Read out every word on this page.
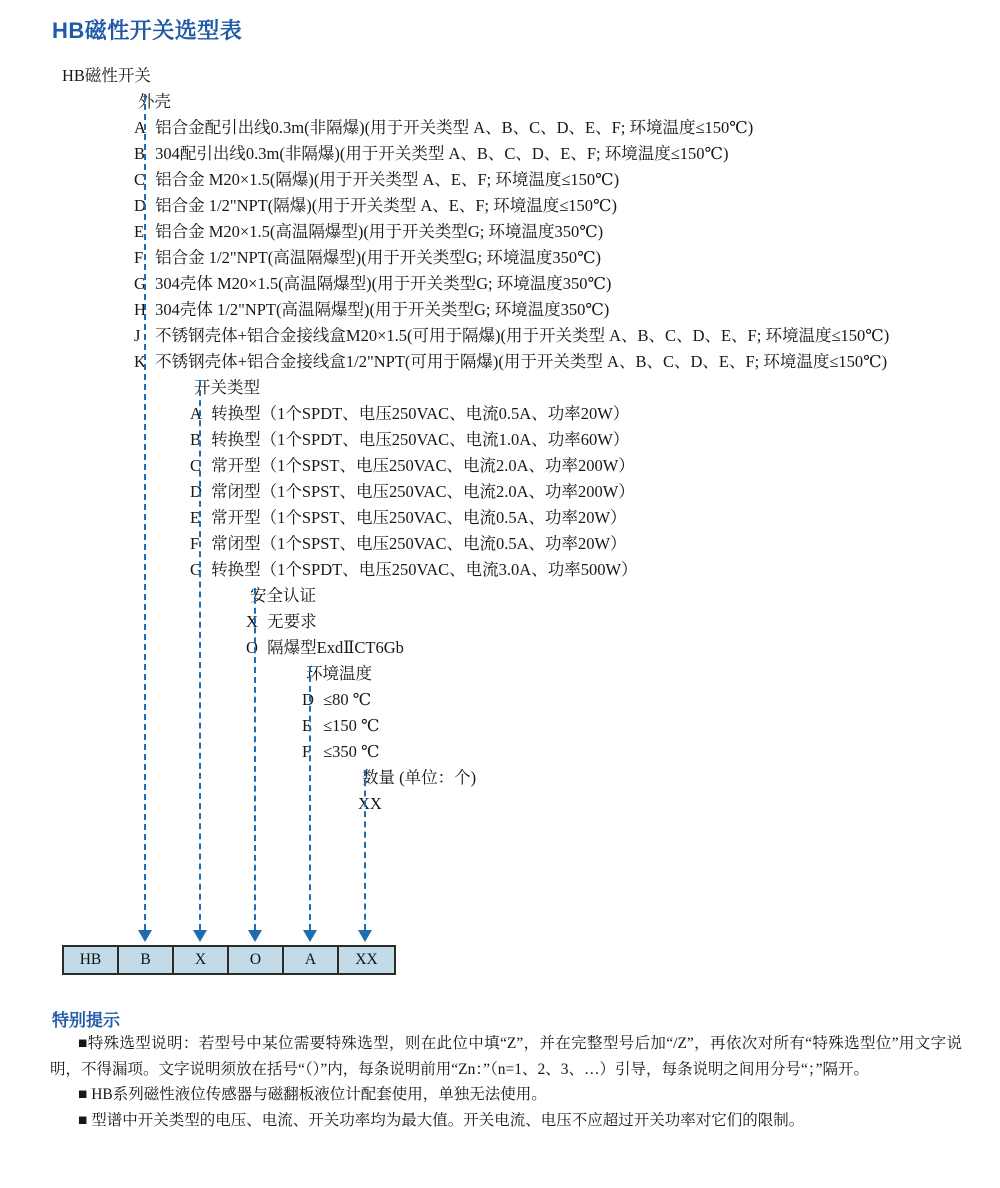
HB磁性开关选型表
HB磁性开关
外壳
A 铝合金配引出线0.3m(非隔爆)(用于开关类型 A、B、C、D、E、F; 环境温度≤150℃)
B 304配引出线0.3m(非隔爆)(用于开关类型 A、B、C、D、E、F; 环境温度≤150℃)
C 铝合金 M20×1.5(隔爆)(用于开关类型 A、E、F; 环境温度≤150℃)
D 铝合金 1/2"NPT(隔爆)(用于开关类型 A、E、F; 环境温度≤150℃)
E 铝合金 M20×1.5(高温隔爆型)(用于开关类型G; 环境温度350℃)
F 铝合金 1/2"NPT(高温隔爆型)(用于开关类型G; 环境温度350℃)
G 304壳体 M20×1.5(高温隔爆型)(用于开关类型G; 环境温度350℃)
H 304壳体 1/2"NPT(高温隔爆型)(用于开关类型G; 环境温度350℃)
J 不锈钢壳体+铝合金接线盒M20×1.5(可用于隔爆)(用于开关类型 A、B、C、D、E、F; 环境温度≤150℃)
K 不锈钢壳体+铝合金接线盒1/2"NPT(可用于隔爆)(用于开关类型 A、B、C、D、E、F; 环境温度≤150℃)
开关类型
A 转换型（1个SPDT、电压250VAC、电流0.5A、功率20W）
B 转换型（1个SPDT、电压250VAC、电流1.0A、功率60W）
C 常开型（1个SPST、电压250VAC、电流2.0A、功率200W）
D 常闭型（1个SPST、电压250VAC、电流2.0A、功率200W）
E 常开型（1个SPST、电压250VAC、电流0.5A、功率20W）
F 常闭型（1个SPST、电压250VAC、电流0.5A、功率20W）
G 转换型（1个SPDT、电压250VAC、电流3.0A、功率500W）
安全认证
X 无要求
O 隔爆型ExdⅡCT6Gb
环境温度
D ≤80 ℃
E ≤150 ℃
F ≤350 ℃
数量 (单位：个)
XX
HB	B	X	O	A	XX
特别提示

■特殊选型说明：若型号中某位需要特殊选型，则在此位中填“Z”，并在完整型号后加“/Z”，再依次对所有“特殊选型位”用文字说明，不得漏项。文字说明须放在括号“（）”内，每条说明前用“Zn：”（n=1、2、3、…）引导，每条说明之间用分号“；”隔开。

■ HB系列磁性液位传感器与磁翻板液位计配套使用，单独无法使用。

■ 型谱中开关类型的电压、电流、开关功率均为最大值。开关电流、电压不应超过开关功率对它们的限制。
